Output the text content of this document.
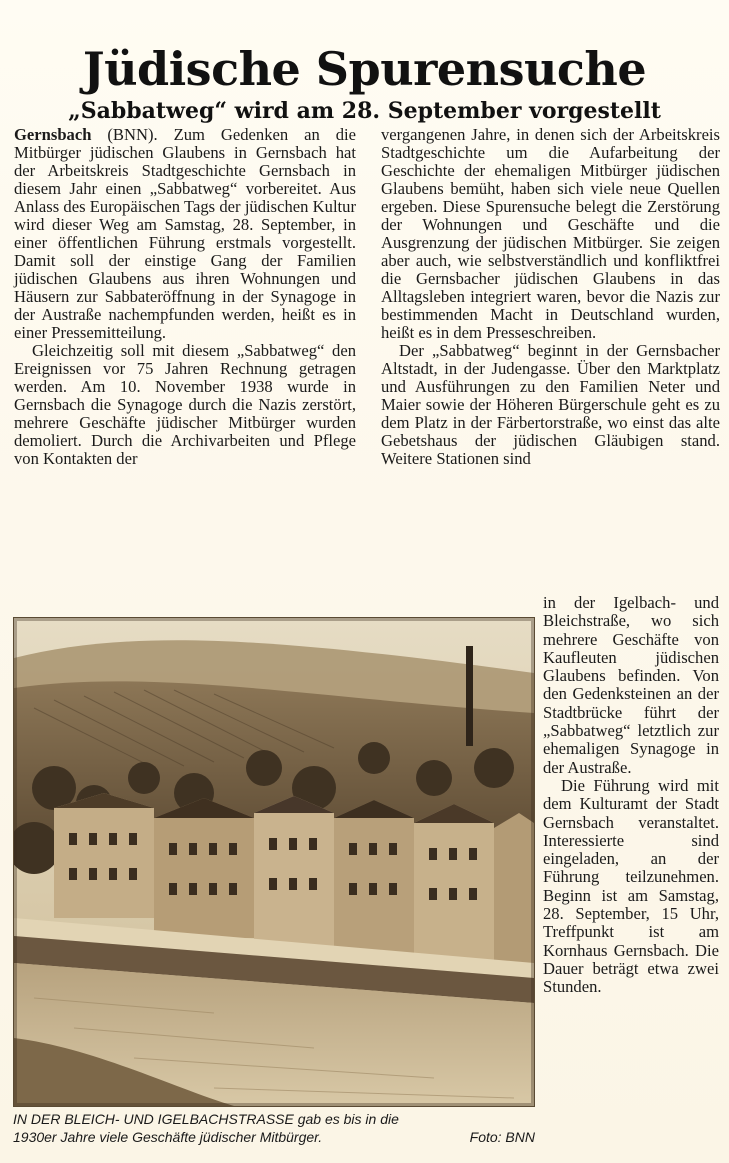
Jüdische Spurensuche
„Sabbatweg“ wird am 28. September vorgestellt

Gernsbach (BNN). Zum Gedenken an die Mitbürger jüdischen Glaubens in Gernsbach hat der Arbeitskreis Stadtgeschichte Gernsbach in diesem Jahr einen „Sabbatweg“ vorbereitet. Aus Anlass des Europäischen Tags der jüdischen Kultur wird dieser Weg am Samstag, 28. September, in einer öffentlichen Führung erstmals vorgestellt. Damit soll der einstige Gang der Familien jüdischen Glaubens aus ihren Wohnungen und Häusern zur Sabbateröffnung in der Synagoge in der Austraße nachempfunden werden, heißt es in einer Pressemitteilung.

Gleichzeitig soll mit diesem „Sabbatweg“ den Ereignissen vor 75 Jahren Rechnung getragen werden. Am 10. November 1938 wurde in Gernsbach die Synagoge durch die Nazis zerstört, mehrere Geschäfte jüdischer Mitbürger wurden demoliert. Durch die Archivarbeiten und Pflege von Kontakten der

vergangenen Jahre, in denen sich der Arbeitskreis Stadtgeschichte um die Aufarbeitung der Geschichte der ehemaligen Mitbürger jüdischen Glaubens bemüht, haben sich viele neue Quellen ergeben. Diese Spurensuche belegt die Zerstörung der Wohnungen und Geschäfte und die Ausgrenzung der jüdischen Mitbürger. Sie zeigen aber auch, wie selbstverständlich und konfliktfrei die Gernsbacher jüdischen Glaubens in das Alltagsleben integriert waren, bevor die Nazis zur bestimmenden Macht in Deutschland wurden, heißt es in dem Presseschreiben.

Der „Sabbatweg“ beginnt in der Gernsbacher Altstadt, in der Judengasse. Über den Marktplatz und Ausführungen zu den Familien Neter und Maier sowie der Höheren Bürgerschule geht es zu dem Platz in der Färbertorstraße, wo einst das alte Gebetshaus der jüdischen Gläubigen stand. Weitere Stationen sind

in der Igelbach- und Bleichstraße, wo sich mehrere Geschäfte von Kaufleuten jüdischen Glaubens befinden. Von den Gedenksteinen an der Stadtbrücke führt der „Sabbatweg“ letztlich zur ehemaligen Synagoge in der Austraße.

Die Führung wird mit dem Kulturamt der Stadt Gernsbach veranstaltet. Interessierte sind eingeladen, an der Führung teilzunehmen. Beginn ist am Samstag, 28. September, 15 Uhr, Treffpunkt ist am Kornhaus Gernsbach. Die Dauer beträgt etwa zwei Stunden.

IN DER BLEICH- UND IGELBACHSTRASSE gab es bis in die
1930er Jahre viele Geschäfte jüdischer Mitbürger.	Foto: BNN
